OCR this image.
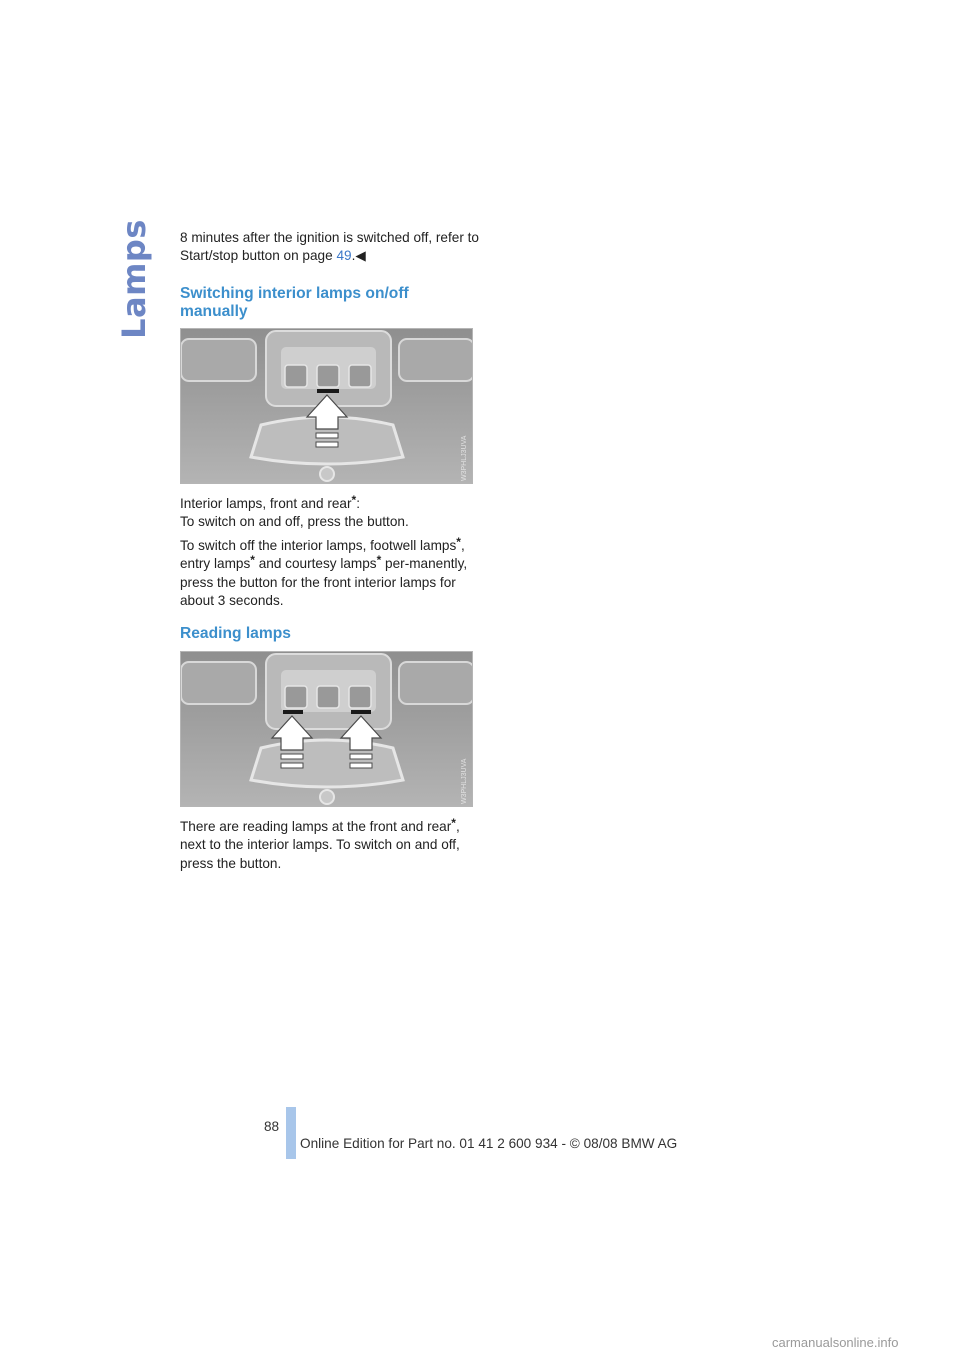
Lamps 8 minutes after the ignition is switched off, refer to Start/stop button on page 49.◀

Switching interior lamps on/off manually
W3PHLJ3UVA

Interior lamps, front and rear*:

To switch on and off, press the button.

To switch off the interior lamps, footwell lamps*, entry lamps* and courtesy lamps* per-manently, press the button for the front interior lamps for about 3 seconds.

Reading lamps
W3PHLJ3UVA

There are reading lamps at the front and rear*, next to the interior lamps. To switch on and off, press the button.

88
Online Edition for Part no. 01 41 2 600 934 - © 08/08 BMW AG
carmanualsonline.info
